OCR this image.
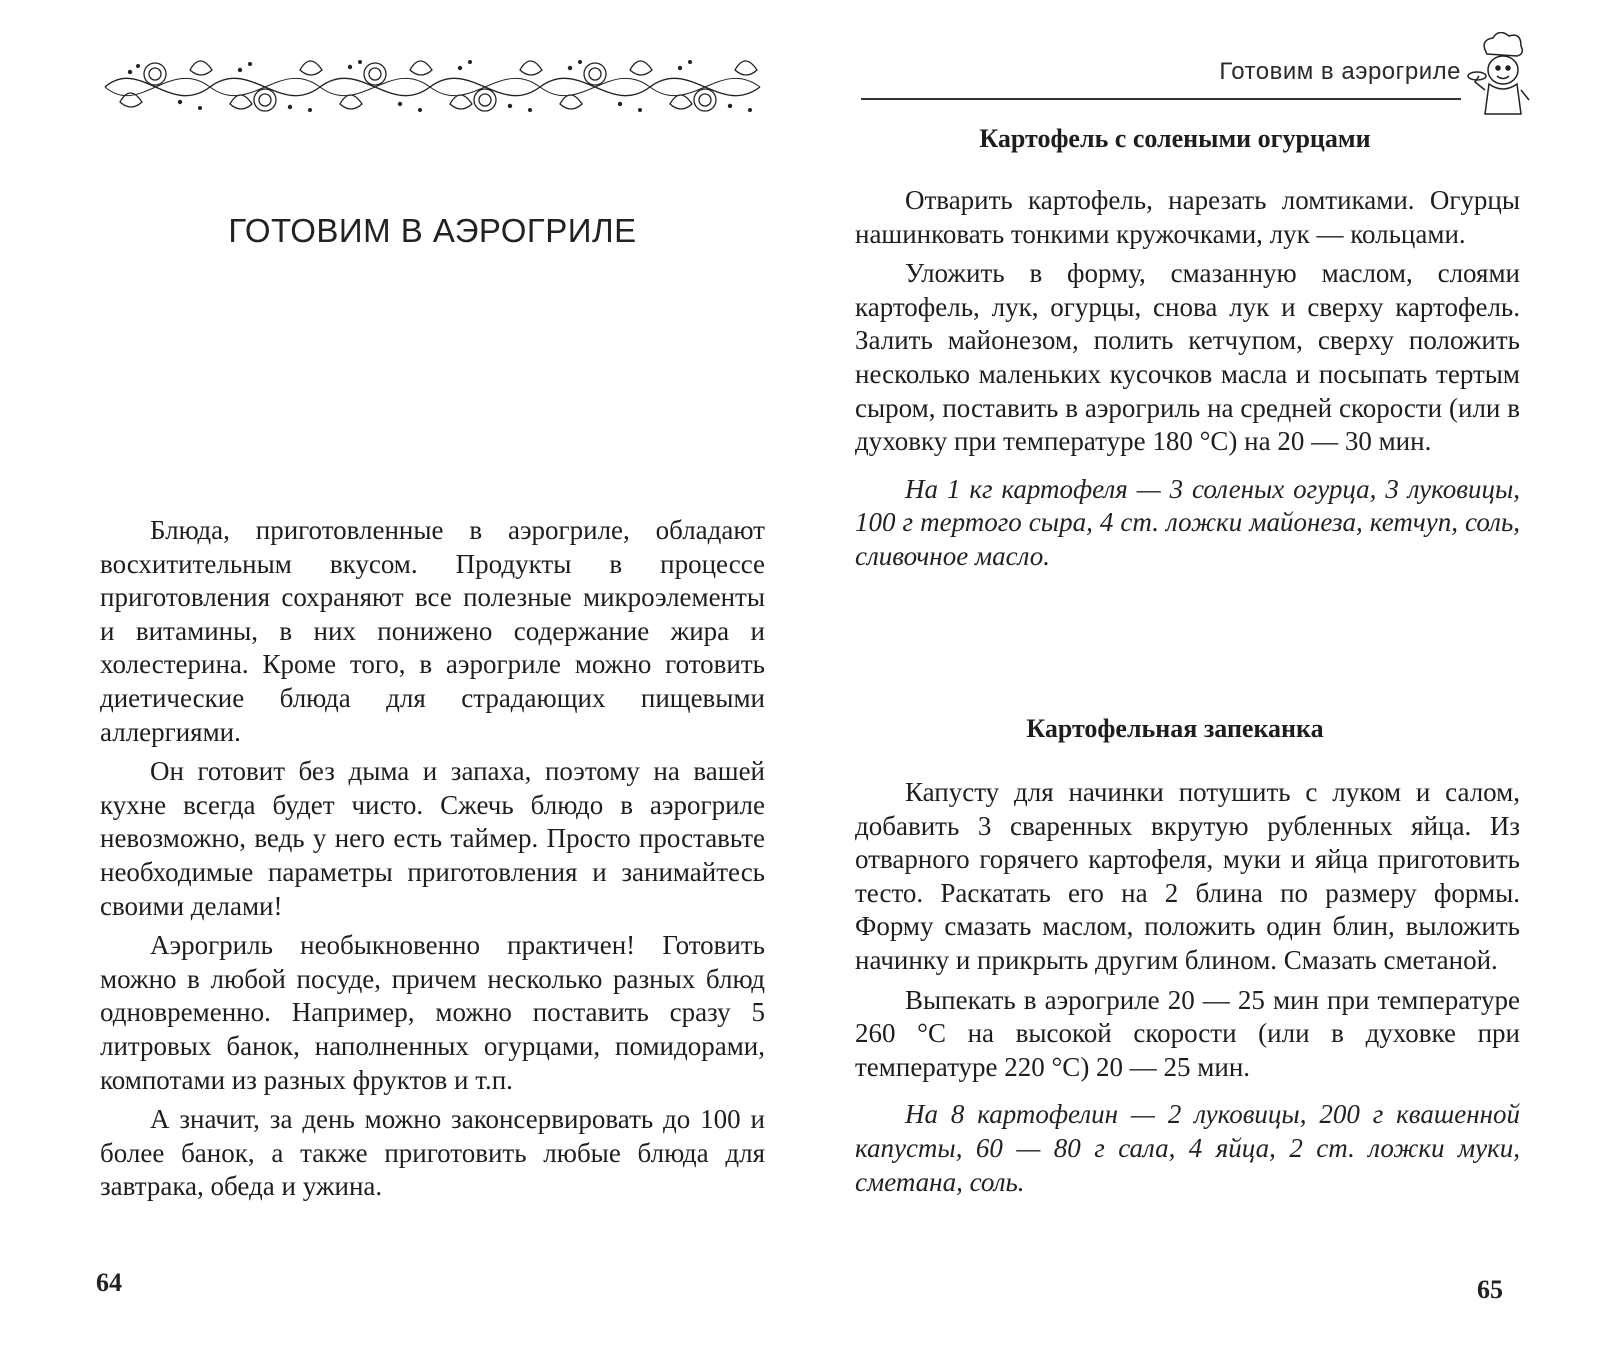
ГОТОВИМ В АЭРОГРИЛЕ

Блюда, приготовленные в аэрогриле, обладают восхитительным вкусом. Продукты в процессе приготовления сохраняют все полезные микроэлементы и витамины, в них понижено содержание жира и холестерина. Кроме того, в аэрогриле можно готовить диетические блюда для страдающих пищевыми аллергиями.

Он готовит без дыма и запаха, поэтому на вашей кухне всегда будет чисто. Сжечь блюдо в аэрогриле невозможно, ведь у него есть таймер. Просто проставьте необходимые параметры приготовления и занимайтесь своими делами!

Аэрогриль необыкновенно практичен! Готовить можно в любой посуде, причем несколько разных блюд одновременно. Например, можно поставить сразу 5 литровых банок, наполненных огурцами, помидорами, компотами из разных фруктов и т.п.

А значит, за день можно законсервировать до 100 и более банок, а также приготовить любые блюда для завтрака, обеда и ужина.

64
Готовим в аэрогриле
Картофель с солеными огурцами

Отварить картофель, нарезать ломтиками. Огурцы нашинковать тонкими кружочками, лук — кольцами.

Уложить в форму, смазанную маслом, слоями картофель, лук, огурцы, снова лук и сверху картофель. Залить майонезом, полить кетчупом, сверху положить несколько маленьких кусочков масла и посыпать тертым сыром, поставить в аэрогриль на средней скорости (или в духовку при температуре 180 °С) на 20 — 30 мин.

На 1 кг картофеля — 3 соленых огурца, 3 луковицы, 100 г тертого сыра, 4 ст. ложки майонеза, кетчуп, соль, сливочное масло.

Картофельная запеканка

Капусту для начинки потушить с луком и салом, добавить 3 сваренных вкрутую рубленных яйца. Из отварного горячего картофеля, муки и яйца приготовить тесто. Раскатать его на 2 блина по размеру формы. Форму смазать маслом, положить один блин, выложить начинку и прикрыть другим блином. Смазать сметаной.

Выпекать в аэрогриле 20 — 25 мин при температуре 260 °С на высокой скорости (или в духовке при температуре 220 °С) 20 — 25 мин.

На 8 картофелин — 2 луковицы, 200 г квашенной капусты, 60 — 80 г сала, 4 яйца, 2 ст. ложки муки, сметана, соль.

65
